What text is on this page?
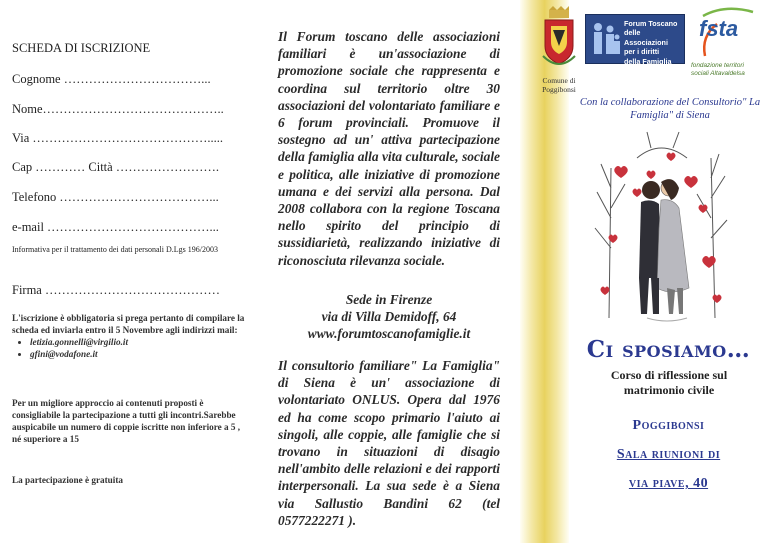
SCHEDA DI ISCRIZIONE
Cognome ……………………………...
Nome……………………………………..
Via …………………………………….....
Cap ………… Città …………………….
Telefono ………………………………...
e-mail …………………………………...
Informativa per il trattamento dei dati personali D.Lgs 196/2003
Firma ……………………………………
L'iscrizione è obbligatoria si prega pertanto di compilare la scheda ed inviarla entro il 5 Novembre agli indirizzi mail:
• letizia.gonnelli@virgilio.it
• gfini@vodafone.it
Per un migliore approccio ai contenuti proposti è consigliabile la partecipazione a tutti gli incontri.Sarebbe auspicabile un numero di coppie iscritte non inferiore a 5 , né superiore a 15
La partecipazione è gratuita
Il Forum toscano delle associazioni familiari è un'associazione di promozione sociale che rappresenta e coordina sul territorio oltre 30 associazioni del volontariato familiare e 6 forum provinciali. Promuove il sostegno ad un' attiva partecipazione della famiglia alla vita culturale, sociale e politica, alle iniziative di promozione umana e dei servizi alla persona. Dal 2008 collabora con la regione Toscana nello spirito del principio di sussidiarietà, realizzando iniziative di riconosciuta rilevanza sociale.
Sede in Firenze
via di Villa Demidoff, 64
www.forumtoscanofamiglie.it
Il consultorio familiare" La Famiglia" di Siena è un' associazione di volontariato ONLUS. Opera dal 1976 ed ha come scopo primario l'aiuto ai singoli, alle coppie, alle famiglie che si trovano in situazioni di disagio nell'ambito delle relazioni e dei rapporti interpersonali. La sua sede è a Siena via Sallustio Bandini 62 (tel 0577222271 ).
Comune di Poggibonsi
Forum Toscano
delle Associazioni
per i diritti
della Famiglia
fsta
fondazione territori
sociali Altavaldelsa
Con la collaborazione del Consultorio" La Famiglia" di Siena
Ci sposiamo…
Corso di riflessione sul matrimonio civile
Poggibonsi
Sala riunioni di
via piave, 40
